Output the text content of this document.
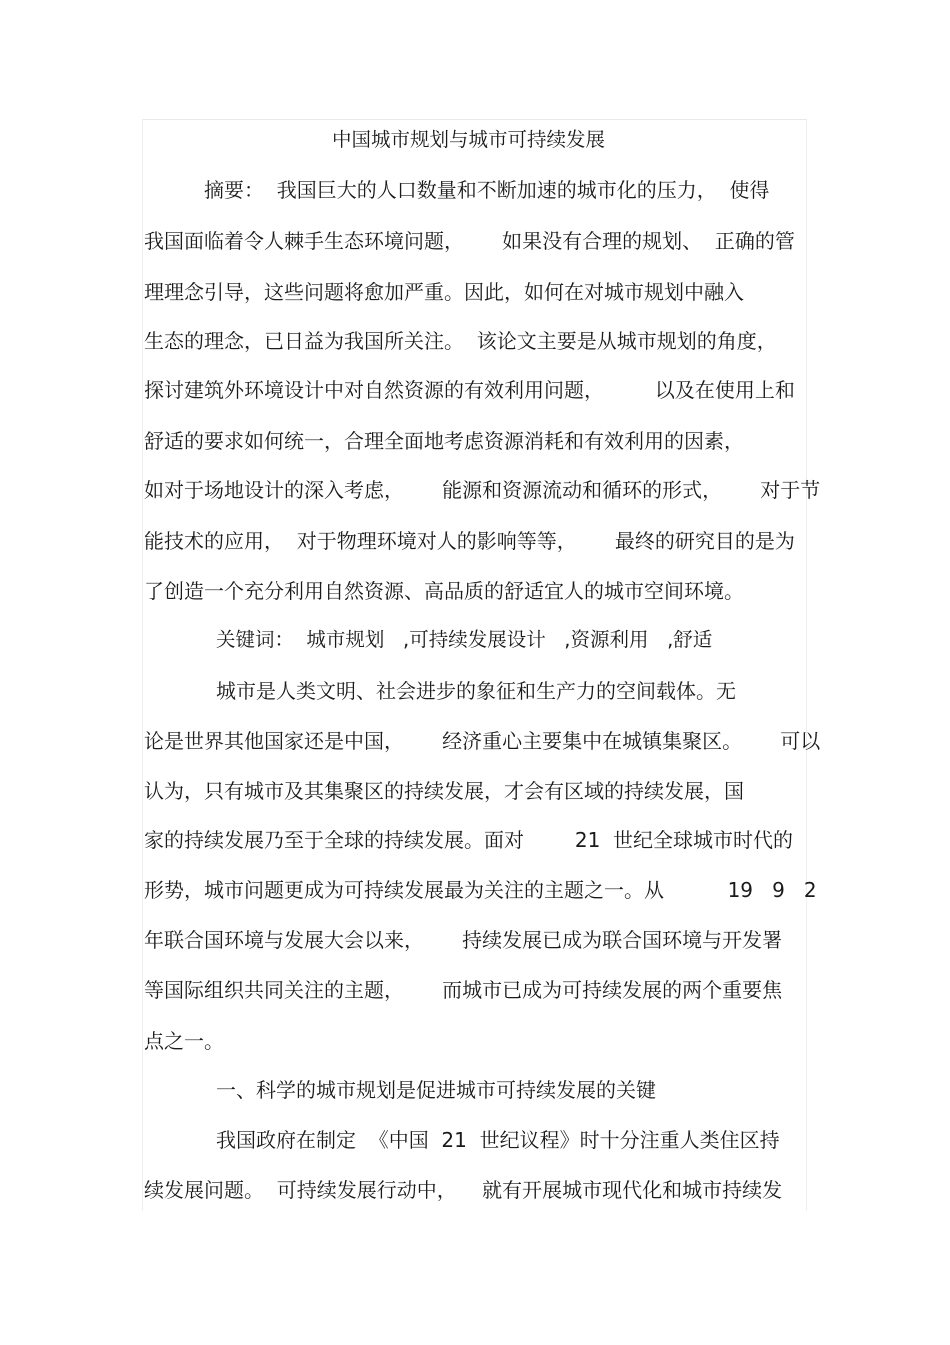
中国城市规划与城市可持续发展
摘要：  我国巨大的人口数量和不断加速的城市化的压力，  使得
我国面临着令人棘手生态环境问题，      如果没有合理的规划、  正确的管
理理念引导，这些问题将愈加严重。因此，如何在对城市规划中融入
生态的理念，已日益为我国所关注。  该论文主要是从城市规划的角度，
探讨建筑外环境设计中对自然资源的有效利用问题，        以及在使用上和
舒适的要求如何统一，合理全面地考虑资源消耗和有效利用的因素，
如对于场地设计的深入考虑，      能源和资源流动和循环的形式，      对于节
能技术的应用，  对于物理环境对人的影响等等，      最终的研究目的是为
了创造一个充分利用自然资源、高品质的舒适宜人的城市空间环境。
关键词：  城市规划   ,可持续发展设计   ,资源利用   ,舒适
城市是人类文明、社会进步的象征和生产力的空间载体。无
论是世界其他国家还是中国，      经济重心主要集中在城镇集聚区。      可以
认为，只有城市及其集聚区的持续发展，才会有区域的持续发展，国
家的持续发展乃至于全球的持续发展。面对        21  世纪全球城市时代的
形势，城市问题更成为可持续发展最为关注的主题之一。从          19   9   2
年联合国环境与发展大会以来，      持续发展已成为联合国环境与开发署
等国际组织共同关注的主题，      而城市已成为可持续发展的两个重要焦
点之一。
一、科学的城市规划是促进城市可持续发展的关键
我国政府在制定  《中国  21  世纪议程》时十分注重人类住区持
续发展问题。  可持续发展行动中，    就有开展城市现代化和城市持续发
